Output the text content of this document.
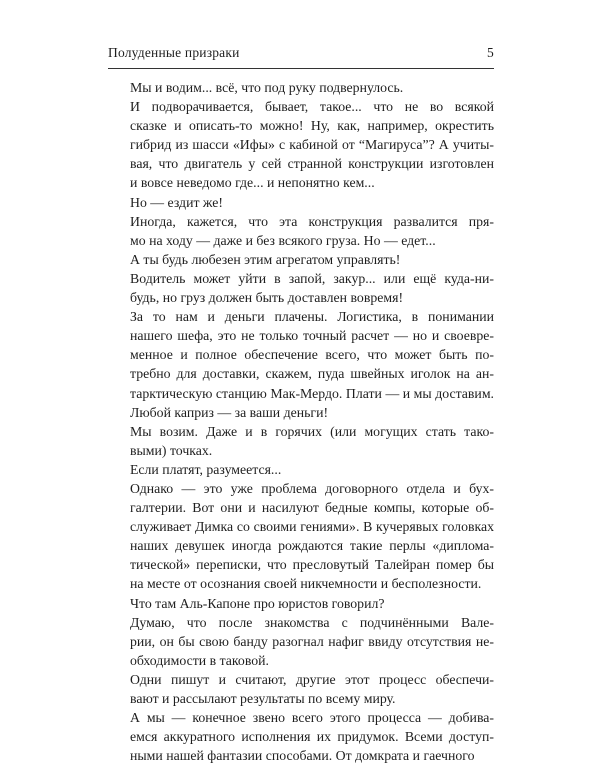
Полуденные призраки	5

Мы и водим... всё, что под руку подвернулось.

И подворачивается, бывает, такое... что не во всякой
сказке и описать-то можно! Ну, как, например, окрестить
гибрид из шасси «Ифы» с кабиной от “Магируса”? А учиты-
вая, что двигатель у сей странной конструкции изготовлен
и вовсе неведомо где... и непонятно кем...

Но — ездит же!

Иногда, кажется, что эта конструкция развалится пря-
мо на ходу — даже и без всякого груза. Но — едет...

А ты будь любезен этим агрегатом управлять!

Водитель может уйти в запой, закур... или ещё куда-ни-
будь, но груз должен быть доставлен вовремя!

За то нам и деньги плачены. Логистика, в понимании
нашего шефа, это не только точный расчет — но и своевре-
менное и полное обеспечение всего, что может быть по-
требно для доставки, скажем, пуда швейных иголок на ан-
тарктическую станцию Мак-Мердо. Плати — и мы доставим.
Любой каприз — за ваши деньги!

Мы возим. Даже и в горячих (или могущих стать тако-
выми) точках.

Если платят, разумеется...

Однако — это уже проблема договорного отдела и бух-
галтерии. Вот они и насилуют бедные компы, которые об-
служивает Димка со своими гениями». В кучерявых головках
наших девушек иногда рождаются такие перлы «диплома-
тической» переписки, что пресловутый Талейран помер бы
на месте от осознания своей никчемности и бесполезности.

Что там Аль-Капоне про юристов говорил?

Думаю, что после знакомства с подчинёнными Вале-
рии, он бы свою банду разогнал нафиг ввиду отсутствия не-
обходимости в таковой.

Одни пишут и считают, другие этот процесс обеспечи-
вают и рассылают результаты по всему миру.

А мы — конечное звено всего этого процесса — добива-
емся аккуратного исполнения их придумок. Всеми доступ-
ными нашей фантазии способами. От домкрата и гаечного
